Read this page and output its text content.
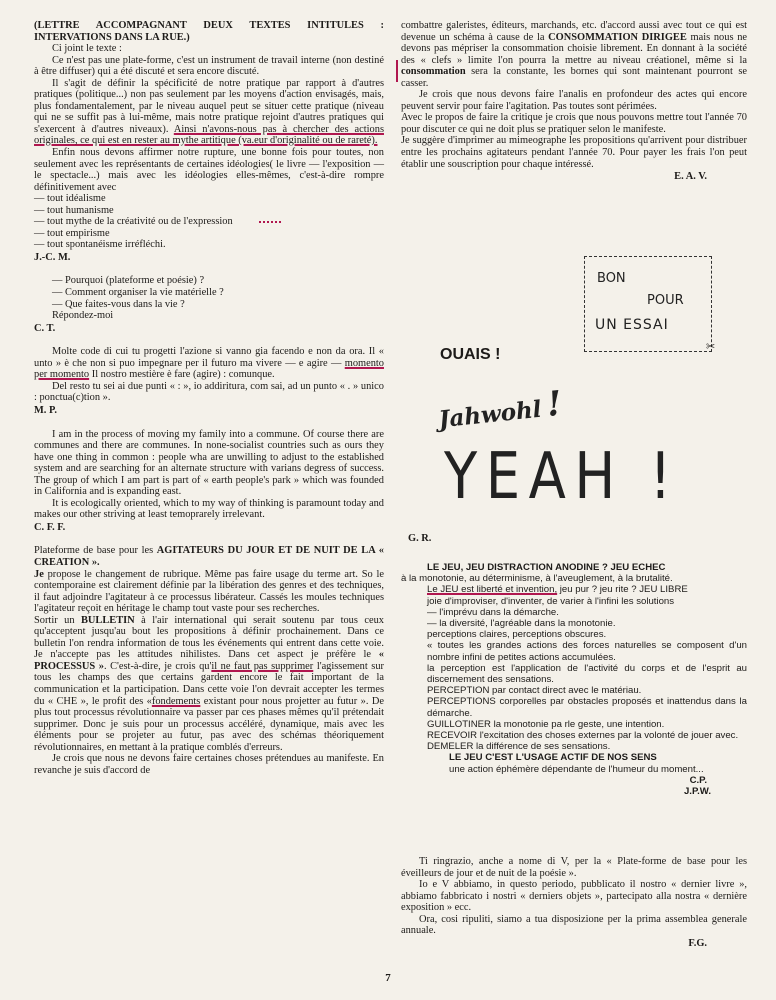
(LETTRE ACCOMPAGNANT DEUX TEXTES INTITULES : INTERVATIONS DANS LA RUE.)

Ci joint le texte :

Ce n'est pas une plate-forme, c'est un instrument de travail interne (non destiné à être diffuser) qui a été discuté et sera encore discuté.

Il s'agit de définir la spécificité de notre pratique par rapport à d'autres pratiques (politique...) non pas seulement par les moyens d'action envisagés, mais, plus fondamentalement, par le niveau auquel peut se situer cette pratique (niveau qui ne se suffit pas à lui-même, mais notre pratique rejoint d'autres pratiques qui s'exercent à d'autres niveaux). Ainsi n'avons-nous pas à chercher des actions originales, ce qui est en rester au mythe artitique (va.eur d'originalité ou de rareté).

Enfin nous devons affirmer notre rupture, une bonne fois pour toutes, non seulement avec les représentants de certaines idéologies( le livre — l'exposition — le spectacle...) mais avec les idéologies elles-mêmes, c'est-à-dire rompre définitivement avec

— tout idéalisme
— tout humanisme
— tout mythe de la créativité ou de l'expression
— tout empirisme
— tout spontanéisme irréfléchi.

J.-C. M.

— Pourquoi (plateforme et poésie) ?

— Comment organiser la vie matérielle ?

— Que faites-vous dans la vie ?

Répondez-moi

C. T.

Molte code di cui tu progetti l'azione si vanno gia facendo e non da ora. Il « unto » è che non si puo impegnare per il futuro ma vivere — e agire — momento per momento Il nostro mestière è fare (agire) : comunque.

Del resto tu sei ai due punti « : », io addiritura, com sai, ad un punto « . » unico : ponctua(c)tion ».

M. P.

I am in the process of moving my family into a commune. Of course there are communes and there are communes. In none-socialist countries such as ours they have one thing in common : people wha are unwilling to adjust to the established system and are searching for an alternate structure with varians degress of success. The group of which I am part is part of « earth people's park » which was founded in California and is expanding east.

It is ecologically oriented, which to my way of thinking is paramount today and makes our other striving at least temoprarely irrelevant.

C. F. F.

Plateforme de base pour les AGITATEURS DU JOUR ET DE NUIT DE LA « CREATION ».

Je propose le changement de rubrique. Même pas faire usage du terme art. So le contemporaine est clairement définie par la libération des genres et des techniques, il faut adjoindre l'agitateur à ce processus libérateur. Cassés les moules techniques l'agitateur reçoit en héritage le champ tout vaste pour ses recherches.

Sortir un BULLETIN à l'air international qui serait soutenu par tous ceux qu'acceptent jusqu'au bout les propositions à définir prochainement. Dans ce bulletin l'on rendra information de tous les événements qui entrent dans cette voie. Je n'accepte pas les attitudes nihilistes. Dans cet aspect je préfère le « PROCESSUS ». C'est-à-dire, je crois qu'il ne faut pas supprimer l'agissement sur tous les champs des que certains gardent encore le fait important de la communication et la participation. Dans cette voie l'on devrait accepter les termes du « CHE », le profit des «fondements existant pour nous projetter au futur ». De plus tout processus révolutionnaire va passer par ces phases mêmes qu'il prétendait supprimer. Donc je suis pour un processus accéléré, dynamique, mais avec les éléments pour se projeter au futur, pas avec des schémas théoriquement révolutionnaires, en mettant à la pratique comblés d'erreurs.

Je crois que nous ne devons faire certaines choses prétendues au manifeste. En revanche je suis d'accord de

combattre galeristes, éditeurs, marchands, etc. d'accord aussi avec tout ce qui est devenue un schéma à cause de la CONSOMMATION DIRIGEE mais nous ne devons pas mépriser la consommation choisie librement. En donnant à la société des « clefs » limite l'on pourra la mettre au niveau créationel, même si la consommation sera la constante, les bornes qui sont maintenant pourront se casser.

Je crois que nous devons faire l'analis en profondeur des actes qui encore peuvent servir pour faire l'agitation. Pas toutes sont périmées.

Avec le propos de faire la critique je crois que nous pouvons mettre tout l'année 70 pour discuter ce qui ne doit plus se pratiquer selon le manifeste.

Je suggère d'imprimer au mimeographe les propositions qu'arrivent pour distribuer entre les prochains agitateurs pendant l'année 70. Pour payer les frais l'on peut établir une souscription pour chaque intéressé.

E. A. V.

BON
POUR
UN ESSAI
✂
OUAIS !
Jahwohl!
YEAH !
G. R.

LE JEU, JEU DISTRACTION ANODINE ? JEU ECHEC

à la monotonie, au déterminisme, à l'aveuglement, à la brutalité.

Le JEU est liberté et invention, jeu pur ? jeu rite ? JEU LIBRE

joie d'improviser, d'inventer, de varier à l'infini les solutions

— l'imprévu dans la démarche.

— la diversité, l'agréable dans la monotonie.

perceptions claires, perceptions obscures.

« toutes les grandes actions des forces naturelles se composent d'un nombre infini de petites actions accumulées.

la perception est l'application de l'activité du corps et de l'esprit au discernement des sensations.

PERCEPTION par contact direct avec le matériau.

PERCEPTIONS corporelles par obstacles proposés et inattendus dans la démarche.

GUILLOTINER la monotonie pa rle geste, une intention.

RECEVOIR l'excitation des choses externes par la volonté de jouer avec.

DEMELER la différence de ses sensations.

LE JEU C'EST L'USAGE ACTIF DE NOS SENS

une action éphémère dépendante de l'humeur du moment...

C.P.

J.P.W.

Ti ringrazio, anche a nome di V, per la « Plate-forme de base pour les éveilleurs de jour et de nuit de la poésie ».

Io e V abbiamo, in questo periodo, pubblicato il nostro « dernier livre », abbiamo fabbricato i nostri « derniers objets », partecipato alla nostra « dernière exposition » ecc.

Ora, cosi ripuliti, siamo a tua disposizione per la prima assemblea generale annuale.

F.G.

7
